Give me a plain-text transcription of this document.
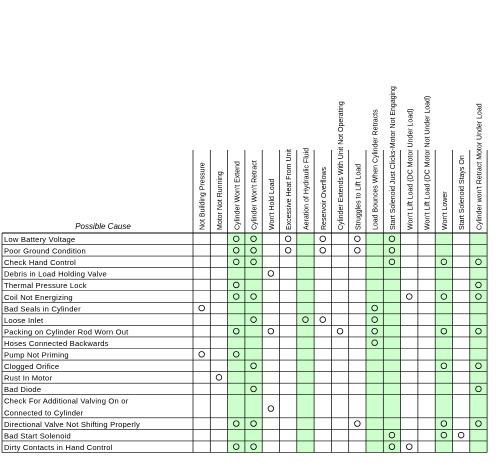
Not Building Pressure Motor Not Running Cylinder Won't Extend Cylinder Won't Retract Won't Hold Load Excessive Heat From Unit Aeration of Hydraulic Fluid Reservoir Overflows Cylinder Extends With Unit Not Operating Struggles to Lift Load Load Bounces When Cylinder Retracts Start Solenoid Just Clicks-Motor Not Engaging Won't Lift Load (DC Motor Under Load) Won't Lift Load (DC Motor Not Under Load) Won't Lower Start Solenoid Stays On Cylinder won't Retract Motor Under Load
Low Battery Voltage
Poor Ground Condition
Check Hand Control
Debris in Load Holding Valve
Thermal Pressure Lock
Coil Not Energizing
Bad Seals in Cylinder
Loose Inlet
Packing on Cylinder Rod Worn Out
Hoses Connected Backwards
Pump Not Priming
Clogged Orifice
Rust In Motor
Bad Diode
Check For Additional Valving On or
Connected to Cylinder
Directional Valve Not Shifting Properly
Bad Start Solenoid
Dirty Contacts in Hand Control
Possible Cause
